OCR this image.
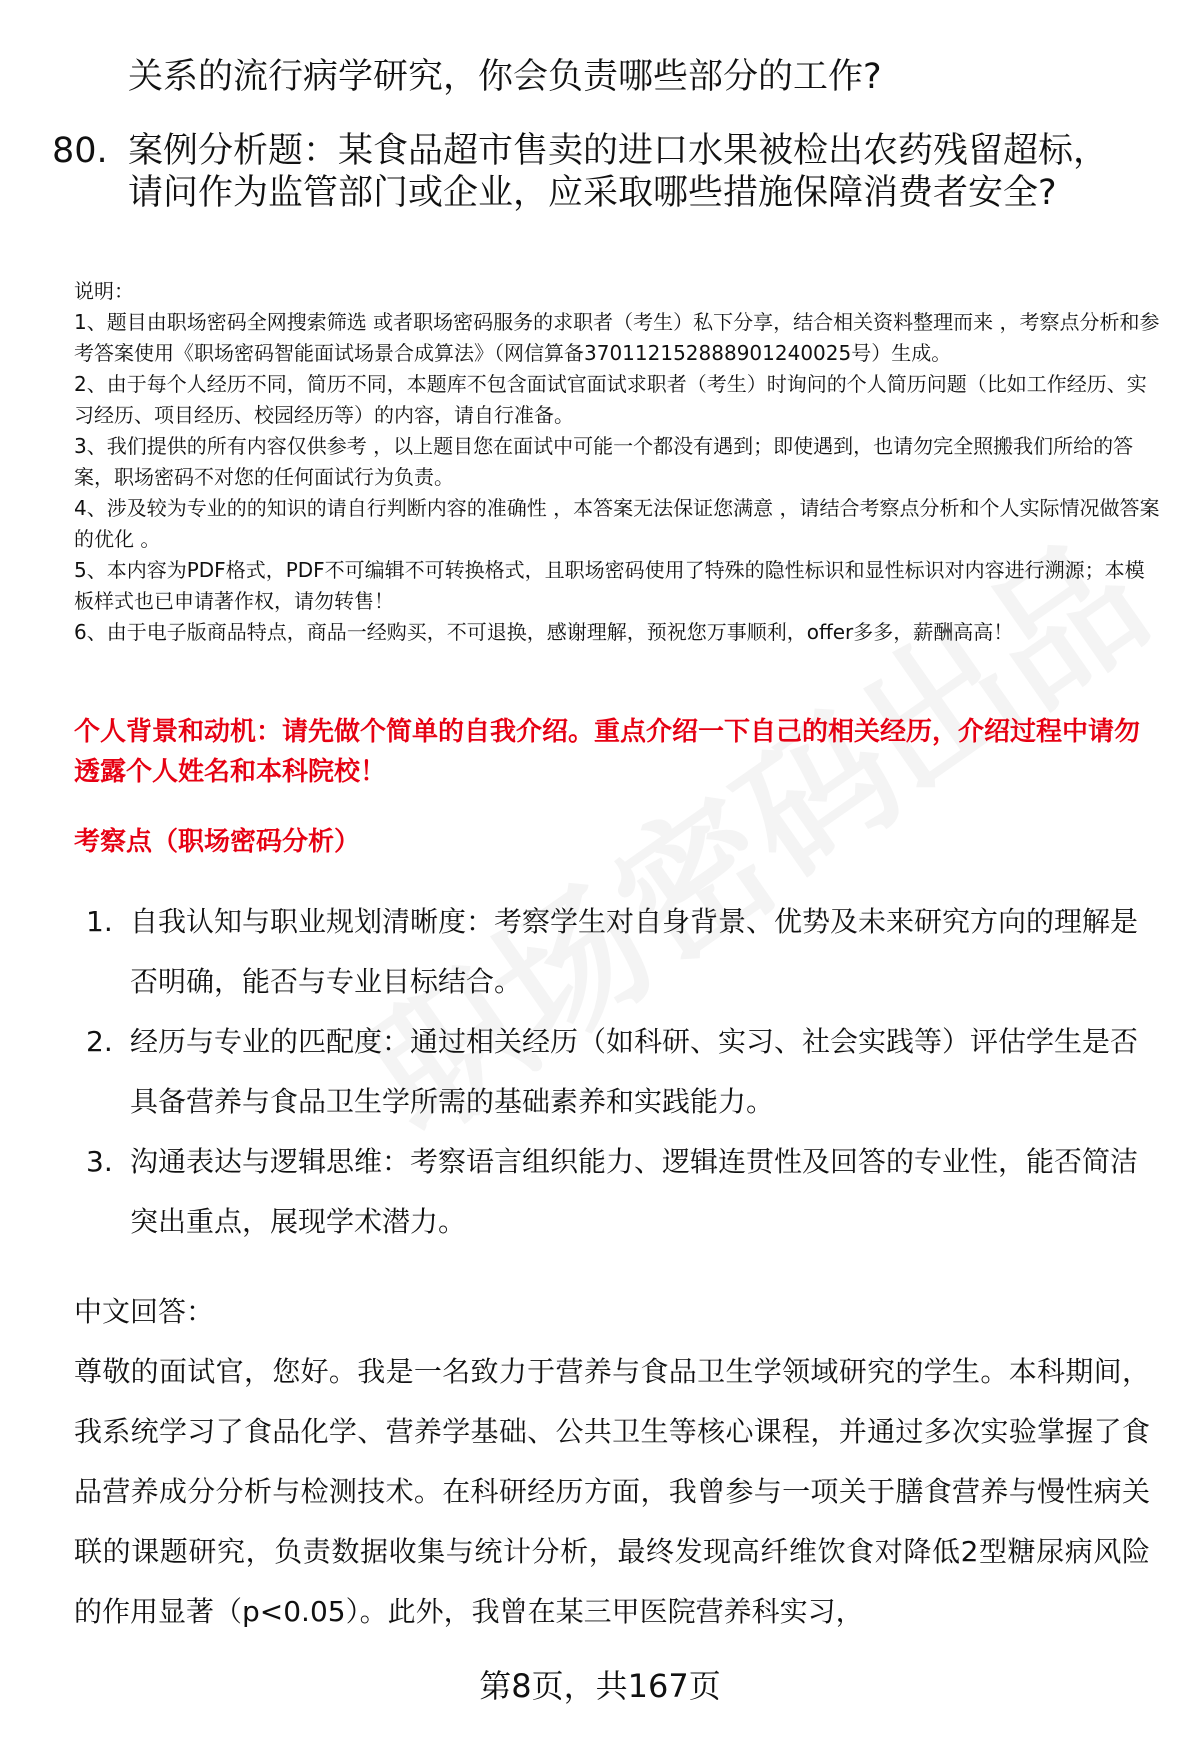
关系的流行病学研究，你会负责哪些部分的工作?
80. 案例分析题：某食品超市售卖的进口水果被检出农药残留超标，
请问作为监管部门或企业，应采取哪些措施保障消费者安全?

说明：

1、题目由职场密码全网搜索筛选 或者职场密码服务的求职者（考生）私下分享，结合相关资料整理而来 ，考察点分析和参考答案使用《职场密码智能面试场景合成算法》（网信算备370112152888901240025号）生成。

2、由于每个人经历不同，简历不同，本题库不包含面试官面试求职者（考生）时询问的个人简历问题（比如工作经历、实习经历、项目经历、校园经历等）的内容，请自行准备。

3、我们提供的所有内容仅供参考 ，以上题目您在面试中可能一个都没有遇到；即使遇到，也请勿完全照搬我们所给的答案，职场密码不对您的任何面试行为负责。

4、涉及较为专业的的知识的请自行判断内容的准确性 ，本答案无法保证您满意 ，请结合考察点分析和个人实际情况做答案的优化 。

5、本内容为PDF格式，PDF不可编辑不可转换格式，且职场密码使用了特殊的隐性标识和显性标识对内容进行溯源；本模板样式也已申请著作权，请勿转售！

6、由于电子版商品特点，商品一经购买，不可退换，感谢理解，预祝您万事顺利，offer多多，薪酬高高！

个人背景和动机：请先做个简单的自我介绍。重点介绍一下自己的相关经历，介绍过程中请勿透露个人姓名和本科院校！
考察点（职场密码分析）
1. 自我认知与职业规划清晰度：考察学生对自身背景、优势及未来研究方向的理解是否明确，能否与专业目标结合。
2. 经历与专业的匹配度：通过相关经历（如科研、实习、社会实践等）评估学生是否具备营养与食品卫生学所需的基础素养和实践能力。
3. 沟通表达与逻辑思维：考察语言组织能力、逻辑连贯性及回答的专业性，能否简洁突出重点，展现学术潜力。
中文回答：
尊敬的面试官，您好。我是一名致力于营养与食品卫生学领域研究的学生。本科期间，我系统学习了食品化学、营养学基础、公共卫生等核心课程，并通过多次实验掌握了食品营养成分分析与检测技术。在科研经历方面，我曾参与一项关于膳食营养与慢性病关联的课题研究，负责数据收集与统计分析，最终发现高纤维饮食对降低2型糖尿病风险的作用显著（p<0.05）。此外，我曾在某三甲医院营养科实习，
第8页，共167页
